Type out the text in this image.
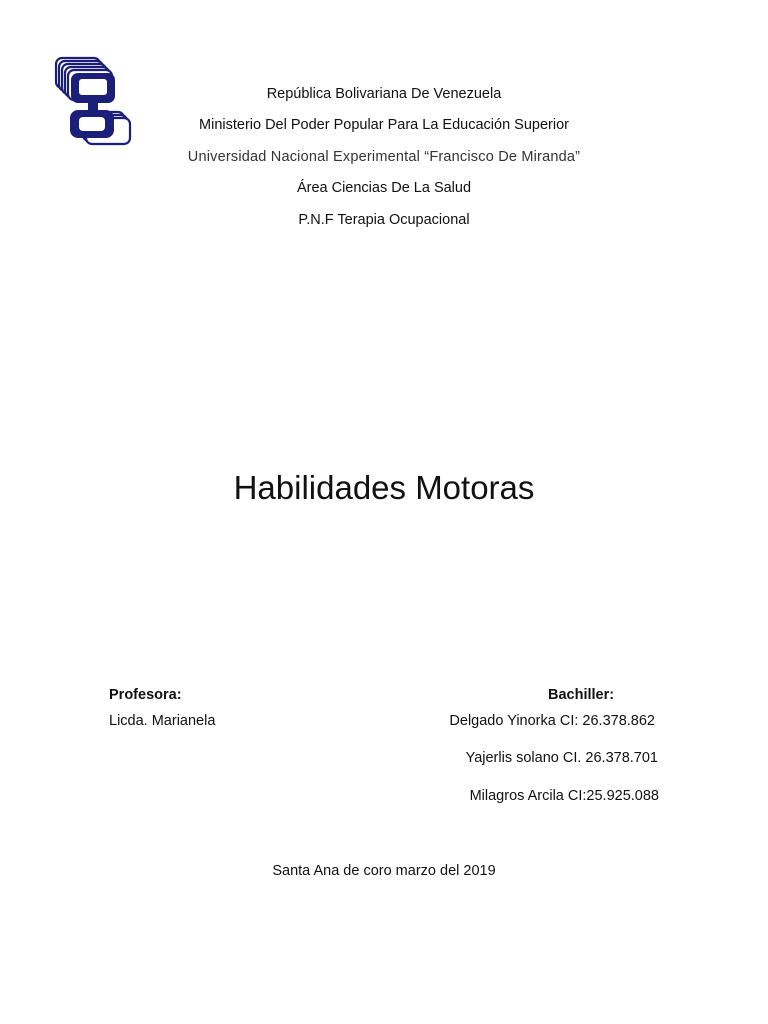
República Bolivariana De Venezuela
Ministerio Del Poder Popular Para La Educación Superior
Universidad Nacional Experimental “Francisco De Miranda”
Área Ciencias De La Salud
P.N.F Terapia Ocupacional
Habilidades Motoras
Profesora:
Licda. Marianela
Bachiller:
Delgado Yinorka CI: 26.378.862
Yajerlis solano CI. 26.378.701
Milagros Arcila CI:25.925.088
Santa Ana de coro marzo del 2019
